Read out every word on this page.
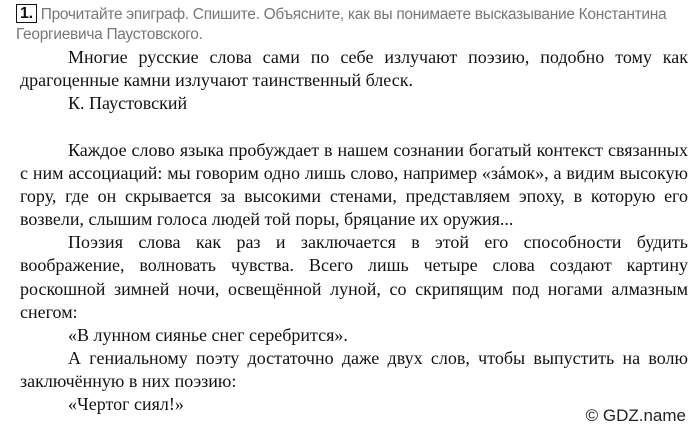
1. Прочитайте эпиграф. Спишите. Объясните, как вы понимаете высказывание Константина Георгиевича Паустовского.

Многие русские слова сами по себе излучают поэзию, подобно тому как драгоценные камни излучают таинственный блеск.

К. Паустовский

Каждое слово языка пробуждает в нашем сознании богатый контекст связанных с ним ассоциаций: мы говорим одно лишь слово, например «зáмок», а видим высокую гору, где он скрывается за высокими стенами, представляем эпоху, в которую его возвели, слышим голоса людей той поры, бряцание их оружия...

Поэзия слова как раз и заключается в этой его способности будить воображение, волновать чувства. Всего лишь четыре слова создают картину роскошной зимней ночи, освещённой луной, со скрипящим под ногами алмазным снегом:

«В лунном сиянье снег серебрится».

А гениальному поэту достаточно даже двух слов, чтобы выпустить на волю заключённую в них поэзию:

«Чертог сиял!»

© GDZ.name
